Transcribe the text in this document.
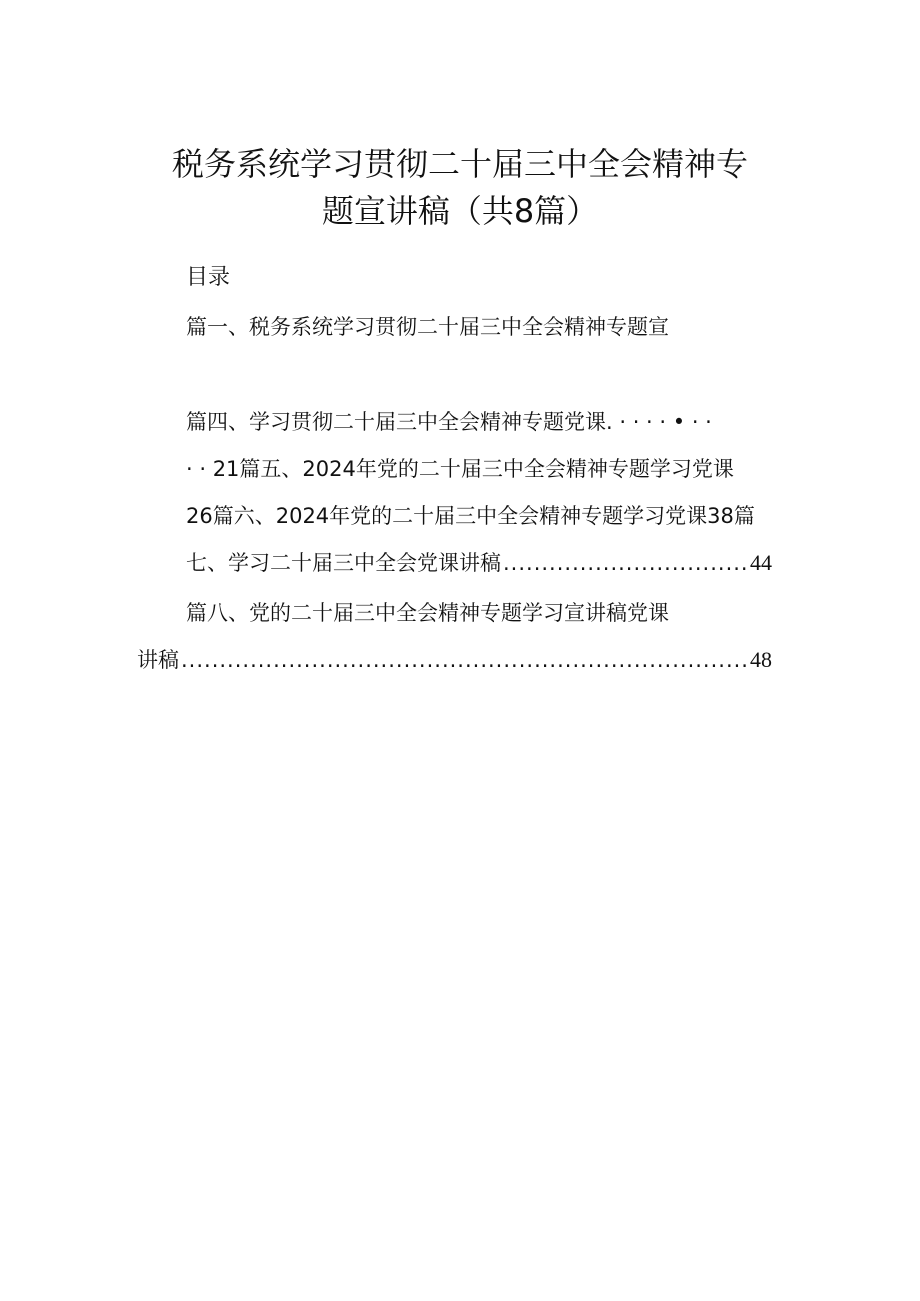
税务系统学习贯彻二十届三中全会精神专
题宣讲稿（共8篇）
目录
篇一、税务系统学习贯彻二十届三中全会精神专题宣
篇四、学习贯彻二十届三中全会精神专题党课. · · · · • · ·
· · 21篇五、2024年党的二十届三中全会精神专题学习党课
26篇六、2024年党的二十届三中全会精神专题学习党课38篇
七、学习二十届三中全会党课讲稿 .....	44
篇八、党的二十届三中全会精神专题学习宣讲稿党课
讲稿 .....	48
